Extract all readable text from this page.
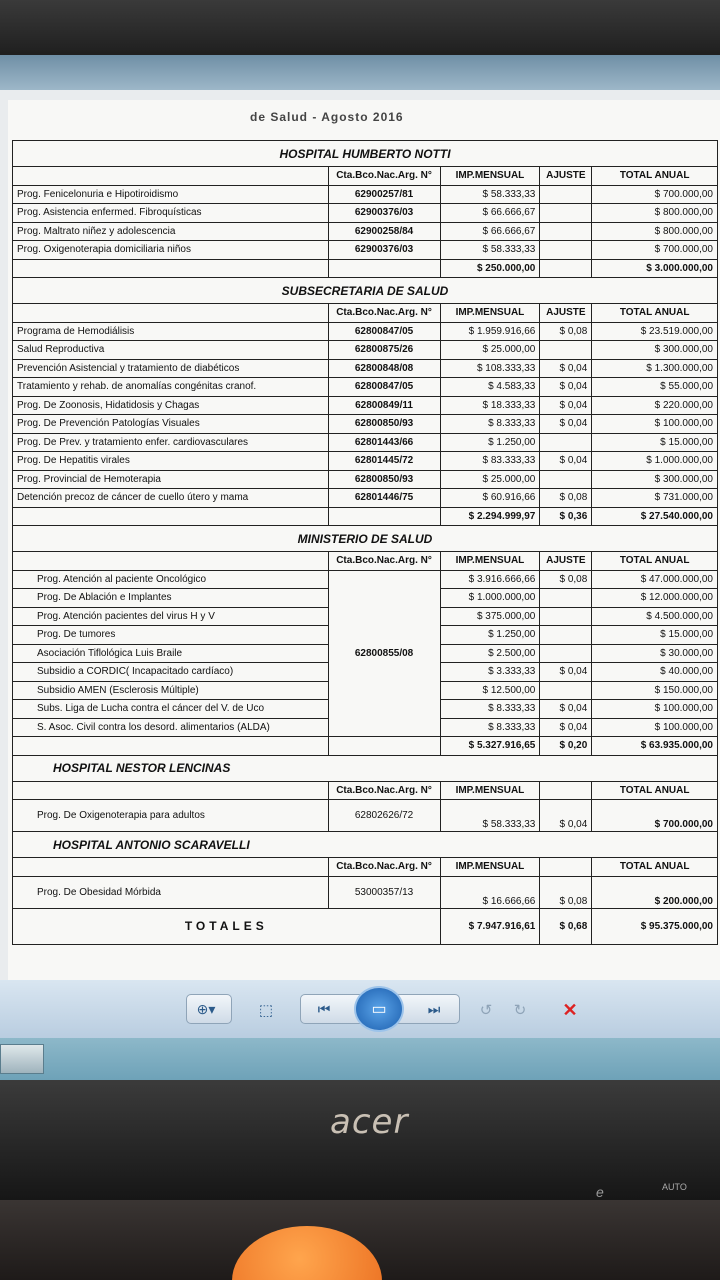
de Salud - Agosto 2016
HOSPITAL HUMBERTO NOTTI				
	Cta.Bco.Nac.Arg. N°	IMP.MENSUAL	AJUSTE	TOTAL ANUAL
Prog. Fenicelonuria e Hipotiroidismo	62900257/81	$ 58.333,33		$ 700.000,00
Prog. Asistencia enfermed. Fibroquísticas	62900376/03	$ 66.666,67		$ 800.000,00
Prog. Maltrato niñez y adolescencia	62900258/84	$ 66.666,67		$ 800.000,00
Prog. Oxigenoterapia domiciliaria niños	62900376/03	$ 58.333,33		$ 700.000,00
		$ 250.000,00		$ 3.000.000,00
SUBSECRETARIA DE SALUD				
	Cta.Bco.Nac.Arg. N°	IMP.MENSUAL	AJUSTE	TOTAL ANUAL
Programa de Hemodiálisis	62800847/05	$ 1.959.916,66	$ 0,08	$ 23.519.000,00
Salud Reproductiva	62800875/26	$ 25.000,00		$ 300.000,00
Prevención Asistencial y tratamiento de diabéticos	62800848/08	$ 108.333,33	$ 0,04	$ 1.300.000,00
Tratamiento y rehab. de anomalías congénitas cranof.	62800847/05	$ 4.583,33	$ 0,04	$ 55.000,00
Prog. De Zoonosis, Hidatidosis y Chagas	62800849/11	$ 18.333,33	$ 0,04	$ 220.000,00
Prog. De Prevención Patologías Visuales	62800850/93	$ 8.333,33	$ 0,04	$ 100.000,00
Prog. De Prev. y tratamiento enfer. cardiovasculares	62801443/66	$ 1.250,00		$ 15.000,00
Prog. De Hepatitis virales	62801445/72	$ 83.333,33	$ 0,04	$ 1.000.000,00
Prog. Provincial de Hemoterapia	62800850/93	$ 25.000,00		$ 300.000,00
Detención precoz de cáncer de cuello útero y mama	62801446/75	$ 60.916,66	$ 0,08	$ 731.000,00
		$ 2.294.999,97	$ 0,36	$ 27.540.000,00
MINISTERIO DE SALUD				
	Cta.Bco.Nac.Arg. N°	IMP.MENSUAL	AJUSTE	TOTAL ANUAL
Prog. Atención al paciente Oncológico	62800855/08	$ 3.916.666,66	$ 0,08	$ 47.000.000,00
Prog. De Ablación e Implantes		$ 1.000.000,00		$ 12.000.000,00
Prog. Atención pacientes del virus H y V		$ 375.000,00		$ 4.500.000,00
Prog. De tumores		$ 1.250,00		$ 15.000,00
Asociación Tiflológica Luis Braile		$ 2.500,00		$ 30.000,00
Subsidio a CORDIC( Incapacitado cardíaco)		$ 3.333,33	$ 0,04	$ 40.000,00
Subsidio AMEN (Esclerosis Múltiple)		$ 12.500,00		$ 150.000,00
Subs. Liga de Lucha contra el cáncer del V. de Uco		$ 8.333,33	$ 0,04	$ 100.000,00
S. Asoc. Civil contra los desord. alimentarios (ALDA)		$ 8.333,33	$ 0,04	$ 100.000,00
		$ 5.327.916,65	$ 0,20	$ 63.935.000,00
HOSPITAL NESTOR LENCINAS				
	Cta.Bco.Nac.Arg. N°	IMP.MENSUAL		TOTAL ANUAL
Prog. De Oxigenoterapia para adultos	62802626/72	$ 58.333,33	$ 0,04	$ 700.000,00
HOSPITAL ANTONIO SCARAVELLI				
	Cta.Bco.Nac.Arg. N°	IMP.MENSUAL		TOTAL ANUAL
Prog. De Obesidad Mórbida	53000357/13	$ 16.666,66	$ 0,08	$ 200.000,00
TOTALES		$ 7.947.916,61	$ 0,68	$ 95.375.000,00
⊕▾	⬚	⏮	⏭
▭	↺	↻	✕
acer
e	AUTO
